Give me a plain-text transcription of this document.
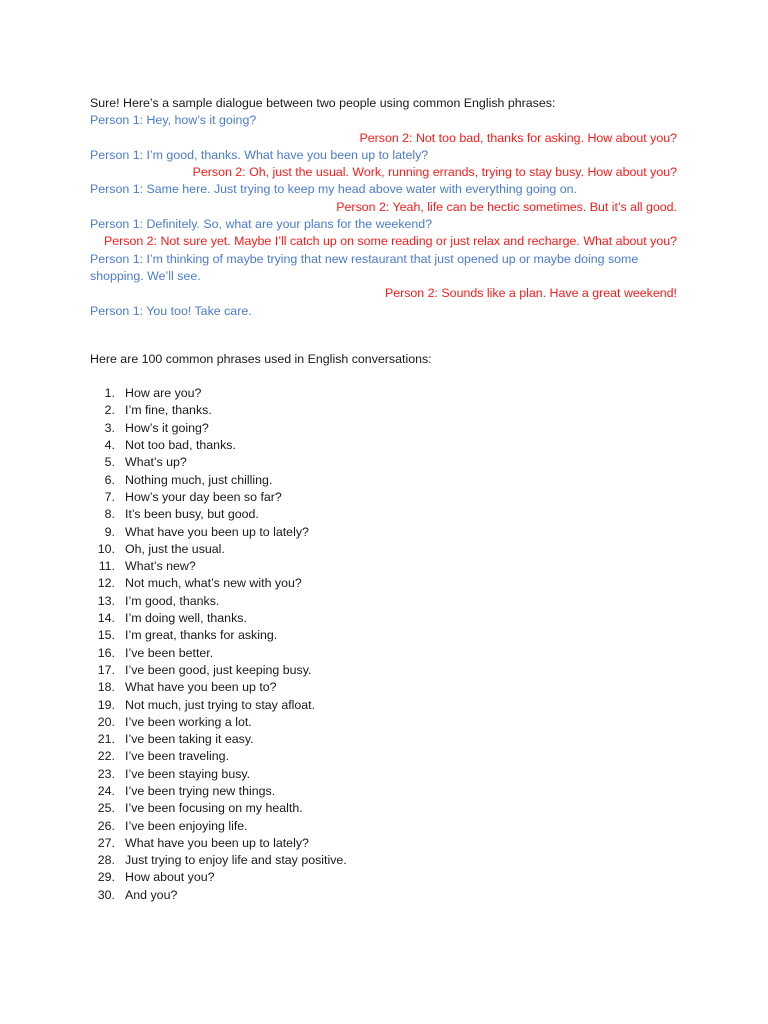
Sure! Here’s a sample dialogue between two people using common English phrases:

Person 1: Hey, how’s it going?

Person 2: Not too bad, thanks for asking. How about you?

Person 1: I’m good, thanks. What have you been up to lately?

Person 2: Oh, just the usual. Work, running errands, trying to stay busy. How about you?

Person 1: Same here. Just trying to keep my head above water with everything going on.

Person 2: Yeah, life can be hectic sometimes. But it’s all good.

Person 1: Definitely. So, what are your plans for the weekend?

Person 2: Not sure yet. Maybe I’ll catch up on some reading or just relax and recharge. What about you?

Person 1: I’m thinking of maybe trying that new restaurant that just opened up or maybe doing some shopping. We’ll see.

Person 2: Sounds like a plan. Have a great weekend!

Person 1: You too! Take care.

Here are 100 common phrases used in English conversations:

1. How are you?
2. I’m fine, thanks.
3. How’s it going?
4. Not too bad, thanks.
5. What’s up?
6. Nothing much, just chilling.
7. How’s your day been so far?
8. It’s been busy, but good.
9. What have you been up to lately?
10. Oh, just the usual.
11. What’s new?
12. Not much, what’s new with you?
13. I’m good, thanks.
14. I’m doing well, thanks.
15. I’m great, thanks for asking.
16. I’ve been better.
17. I’ve been good, just keeping busy.
18. What have you been up to?
19. Not much, just trying to stay afloat.
20. I’ve been working a lot.
21. I’ve been taking it easy.
22. I’ve been traveling.
23. I’ve been staying busy.
24. I’ve been trying new things.
25. I’ve been focusing on my health.
26. I’ve been enjoying life.
27. What have you been up to lately?
28. Just trying to enjoy life and stay positive.
29. How about you?
30. And you?
